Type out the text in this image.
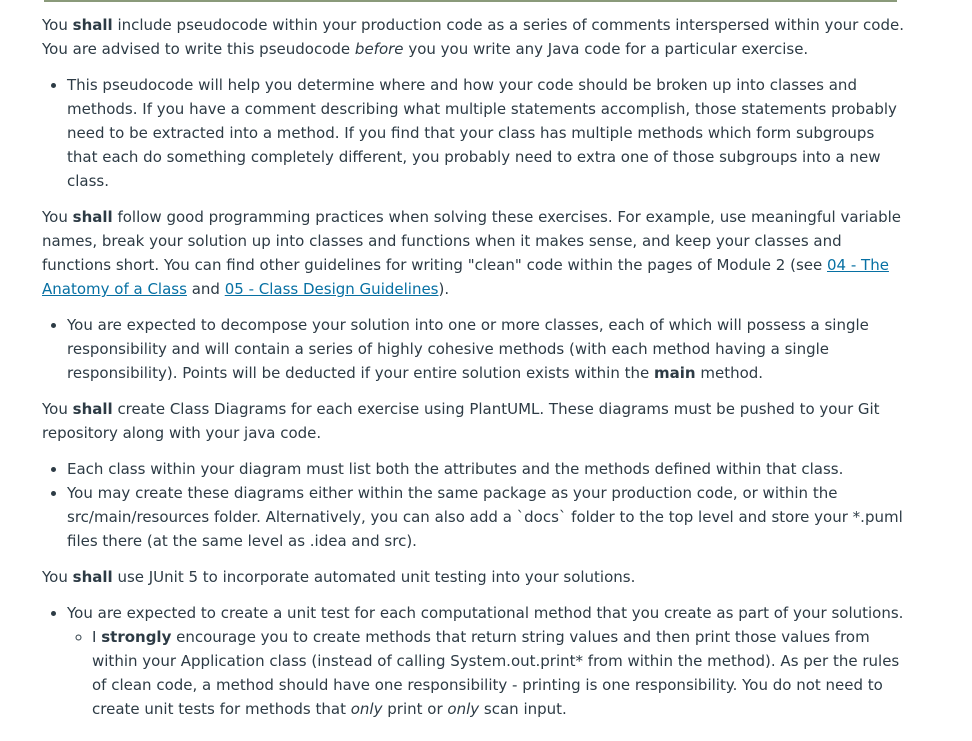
You shall include pseudocode within your production code as a series of comments interspersed within your code. You are advised to write this pseudocode before you you write any Java code for a particular exercise.

• This pseudocode will help you determine where and how your code should be broken up into classes and methods. If you have a comment describing what multiple statements accomplish, those statements probably need to be extracted into a method. If you find that your class has multiple methods which form subgroups that each do something completely different, you probably need to extra one of those subgroups into a new class.

You shall follow good programming practices when solving these exercises. For example, use meaningful variable names, break your solution up into classes and functions when it makes sense, and keep your classes and functions short. You can find other guidelines for writing "clean" code within the pages of Module 2 (see 04 - The Anatomy of a Class and 05 - Class Design Guidelines).

• You are expected to decompose your solution into one or more classes, each of which will possess a single responsibility and will contain a series of highly cohesive methods (with each method having a single responsibility). Points will be deducted if your entire solution exists within the main method.

You shall create Class Diagrams for each exercise using PlantUML. These diagrams must be pushed to your Git repository along with your java code.

• Each class within your diagram must list both the attributes and the methods defined within that class.
• You may create these diagrams either within the same package as your production code, or within the src/main/resources folder. Alternatively, you can also add a `docs` folder to the top level and store your *.puml files there (at the same level as .idea and src).

You shall use JUnit 5 to incorporate automated unit testing into your solutions.

• You are expected to create a unit test for each computational method that you create as part of your solutions.
◦ I strongly encourage you to create methods that return string values and then print those values from within your Application class (instead of calling System.out.print* from within the method). As per the rules of clean code, a method should have one responsibility - printing is one responsibility. You do not need to create unit tests for methods that only print or only scan input.
